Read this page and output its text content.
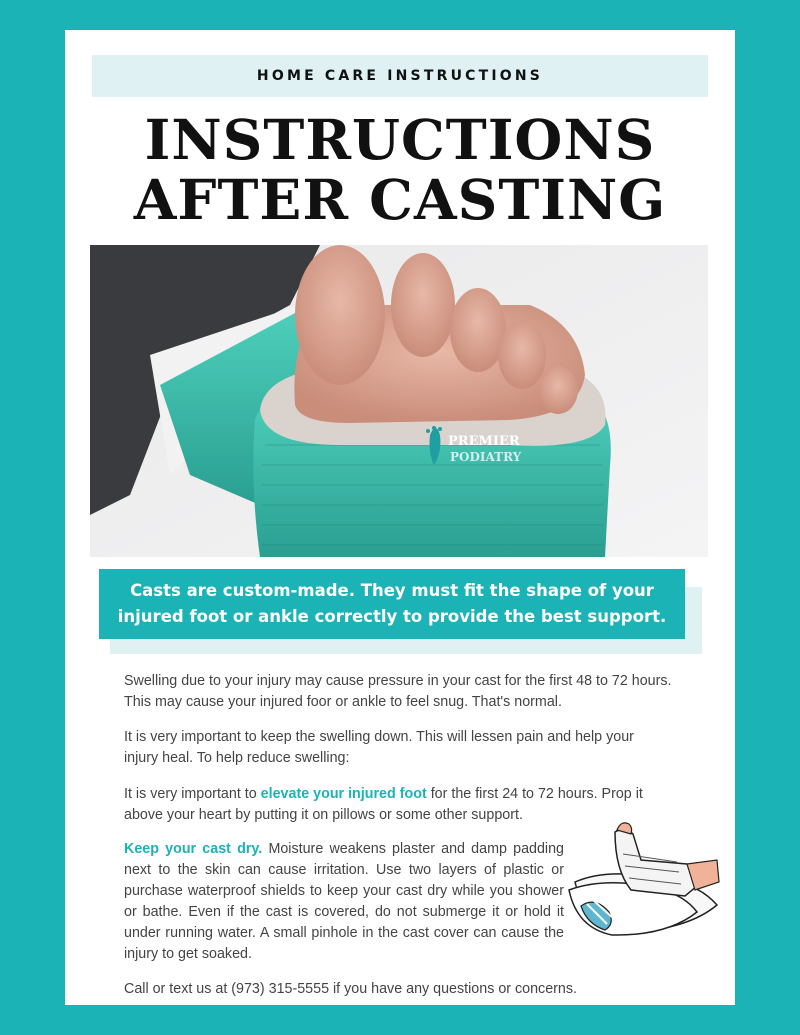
HOME CARE INSTRUCTIONS
INSTRUCTIONS
AFTER CASTING
PREMIER
PODIATRY
Casts are custom-made. They must fit the shape of your
injured foot or ankle correctly to provide the best support.
Swelling due to your injury may cause pressure in your cast for the first 48 to 72 hours. This may cause your injured foor or ankle to feel snug. That's normal.
It is very important to keep the swelling down. This will lessen pain and help your injury heal. To help reduce swelling:
It is very important to elevate your injured foot for the first 24 to 72 hours. Prop it above your heart by putting it on pillows or some other support.
Keep your cast dry. Moisture weakens plaster and damp padding next to the skin can cause irritation. Use two layers of plastic or purchase waterproof shields to keep your cast dry while you shower or bathe. Even if the cast is covered, do not submerge it or hold it under running water. A small pinhole in the cast cover can cause the injury to get soaked.
Call or text us at (973) 315-5555 if you have any questions or concerns.
